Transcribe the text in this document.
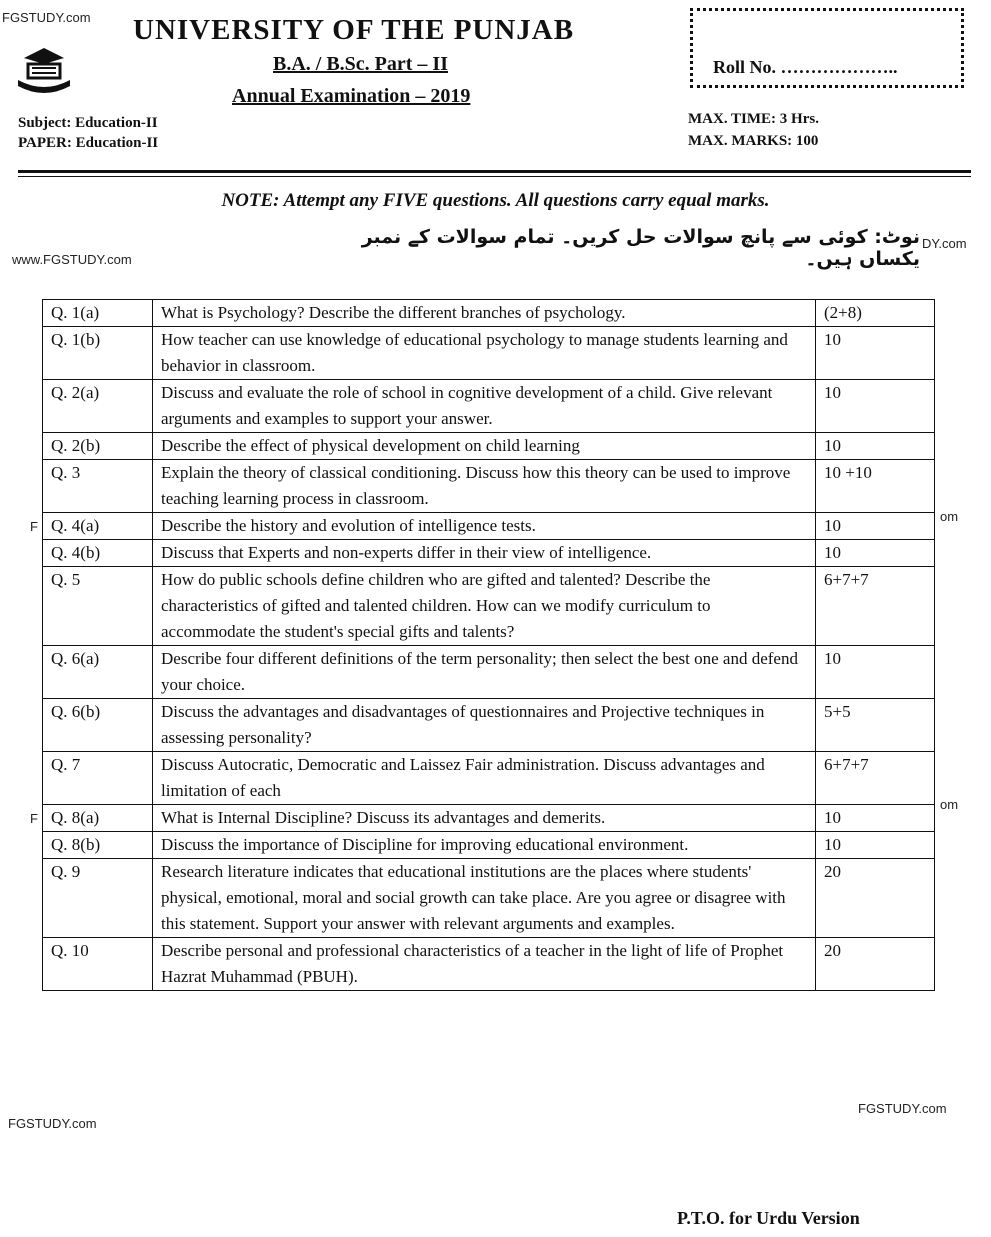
FGSTUDY.com
www.FGSTUDY.com
DY.com
om
om
F
F
FGSTUDY.com
FGSTUDY.com
UNIVERSITY OF THE PUNJAB
B.A. / B.Sc. Part – II
Annual Examination – 2019
Subject: Education-II
PAPER: Education-II
MAX. TIME: 3 Hrs.
MAX. MARKS: 100
Roll No. ………………..
NOTE: Attempt any FIVE questions. All questions carry equal marks.
نوٹ: کوئی سے پانچ سوالات حل کریں۔ تمام سوالات کے نمبر یکساں ہیں۔
Q. 1(a)	What is Psychology? Describe the different branches of psychology.	(2+8)
Q. 1(b)	How teacher can use knowledge of educational psychology to manage students learning and behavior in classroom.	10
Q. 2(a)	Discuss and evaluate the role of school in cognitive development of a child. Give relevant arguments and examples to support your answer.	10
Q. 2(b)	Describe the effect of physical development on child learning	10
Q. 3	Explain the theory of classical conditioning. Discuss how this theory can be used to improve teaching learning process in classroom.	10 +10
Q. 4(a)	Describe the history and evolution of intelligence tests.	10
Q. 4(b)	Discuss that Experts and non-experts differ in their view of intelligence.	10
Q. 5	How do public schools define children who are gifted and talented? Describe the characteristics of gifted and talented children. How can we modify curriculum to accommodate the student's special gifts and talents?	6+7+7
Q. 6(a)	Describe four different definitions of the term personality; then select the best one and defend your choice.	10
Q. 6(b)	Discuss the advantages and disadvantages of questionnaires and Projective techniques in assessing personality?	5+5
Q. 7	Discuss Autocratic, Democratic and Laissez Fair administration. Discuss advantages and limitation of each	6+7+7
Q. 8(a)	What is Internal Discipline? Discuss its advantages and demerits.	10
Q. 8(b)	Discuss the importance of Discipline for improving educational environment.	10
Q. 9	Research literature indicates that educational institutions are the places where students' physical, emotional, moral and social growth can take place. Are you agree or disagree with this statement. Support your answer with relevant arguments and examples.	20
Q. 10	Describe personal and professional characteristics of a teacher in the light of life of Prophet Hazrat Muhammad (PBUH).	20
P.T.O. for Urdu Version
